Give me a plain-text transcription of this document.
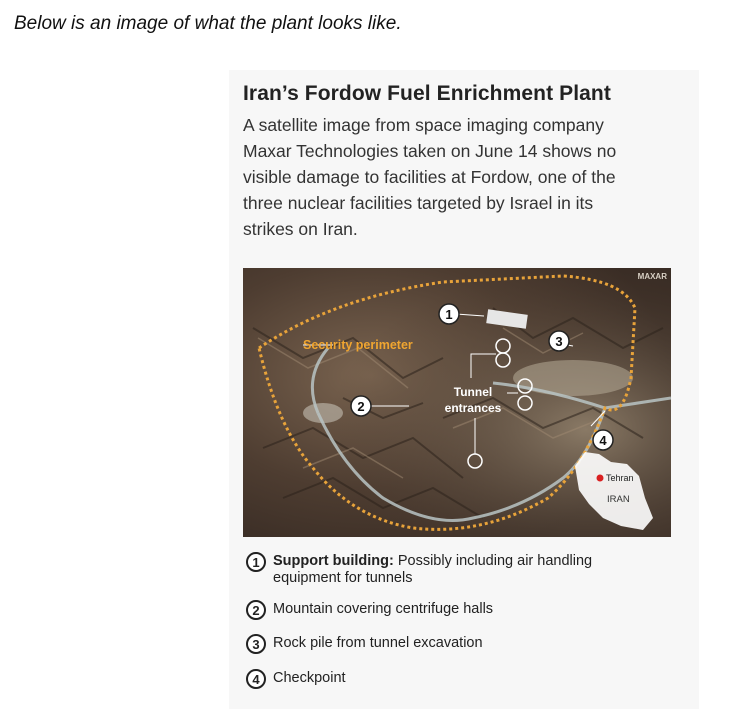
Below is an image of what the plant looks like.

Iran’s Fordow Fuel Enrichment Plant

A satellite image from space imaging company Maxar Technologies taken on June 14 shows no visible damage to facilities at Fordow, one of the three nuclear facilities targeted by Israel in its strikes on Iran.

1
2
3
4
Security perimeter
Tunnel
entrances
MAXAR
Tehran
IRAN
1 Support building: Possibly including air handling equipment for tunnels
2 Mountain covering centrifuge halls
3 Rock pile from tunnel excavation
4 Checkpoint
